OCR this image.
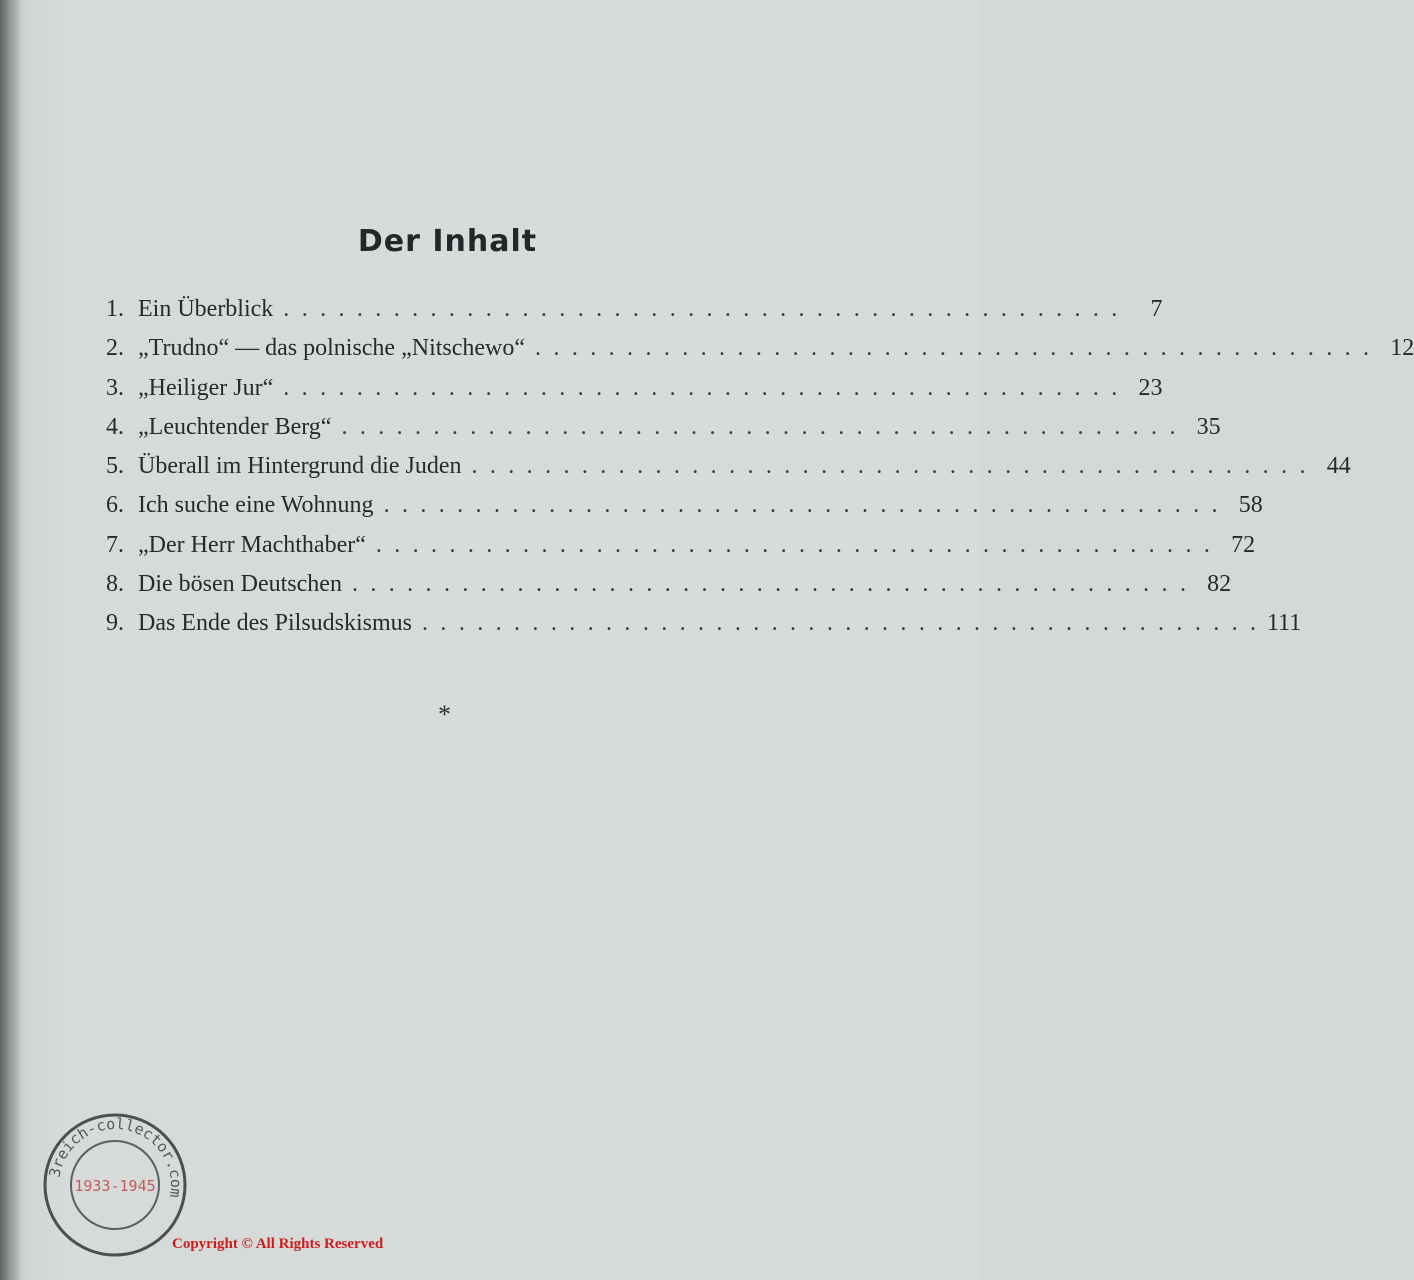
Der Inhalt
1. Ein Überblick . . . . . . . . . . . . . . . . . . . . . . . . . . . . . . . . . . . . . . . . . . . . . .	7
2. „Trudno“ — das polnische „Nitschewo“ . . . . . . . . . . . . . . . . . . . . . . . . . . . . . . . . . . . . . . . . . . . . . . 12
3. „Heiliger Jur“ . . . . . . . . . . . . . . . . . . . . . . . . . . . . . . . . . . . . . . . . . . . . . . 23
4. „Leuchtender Berg“ . . . . . . . . . . . . . . . . . . . . . . . . . . . . . . . . . . . . . . . . . . . . . . 35
5. Überall im Hintergrund die Juden . . . . . . . . . . . . . . . . . . . . . . . . . . . . . . . . . . . . . . . . . . . . . . 44
6. Ich suche eine Wohnung . . . . . . . . . . . . . . . . . . . . . . . . . . . . . . . . . . . . . . . . . . . . . . 58
7. „Der Herr Machthaber“ . . . . . . . . . . . . . . . . . . . . . . . . . . . . . . . . . . . . . . . . . . . . . . 72
8. Die bösen Deutschen . . . . . . . . . . . . . . . . . . . . . . . . . . . . . . . . . . . . . . . . . . . . . . 82
9. Das Ende des Pilsudskismus . . . . . . . . . . . . . . . . . . . . . . . . . . . . . . . . . . . . . . . . . . . . . . 111
*
3reich-collector.com
1933-1945
Copyright © All Rights Reserved
